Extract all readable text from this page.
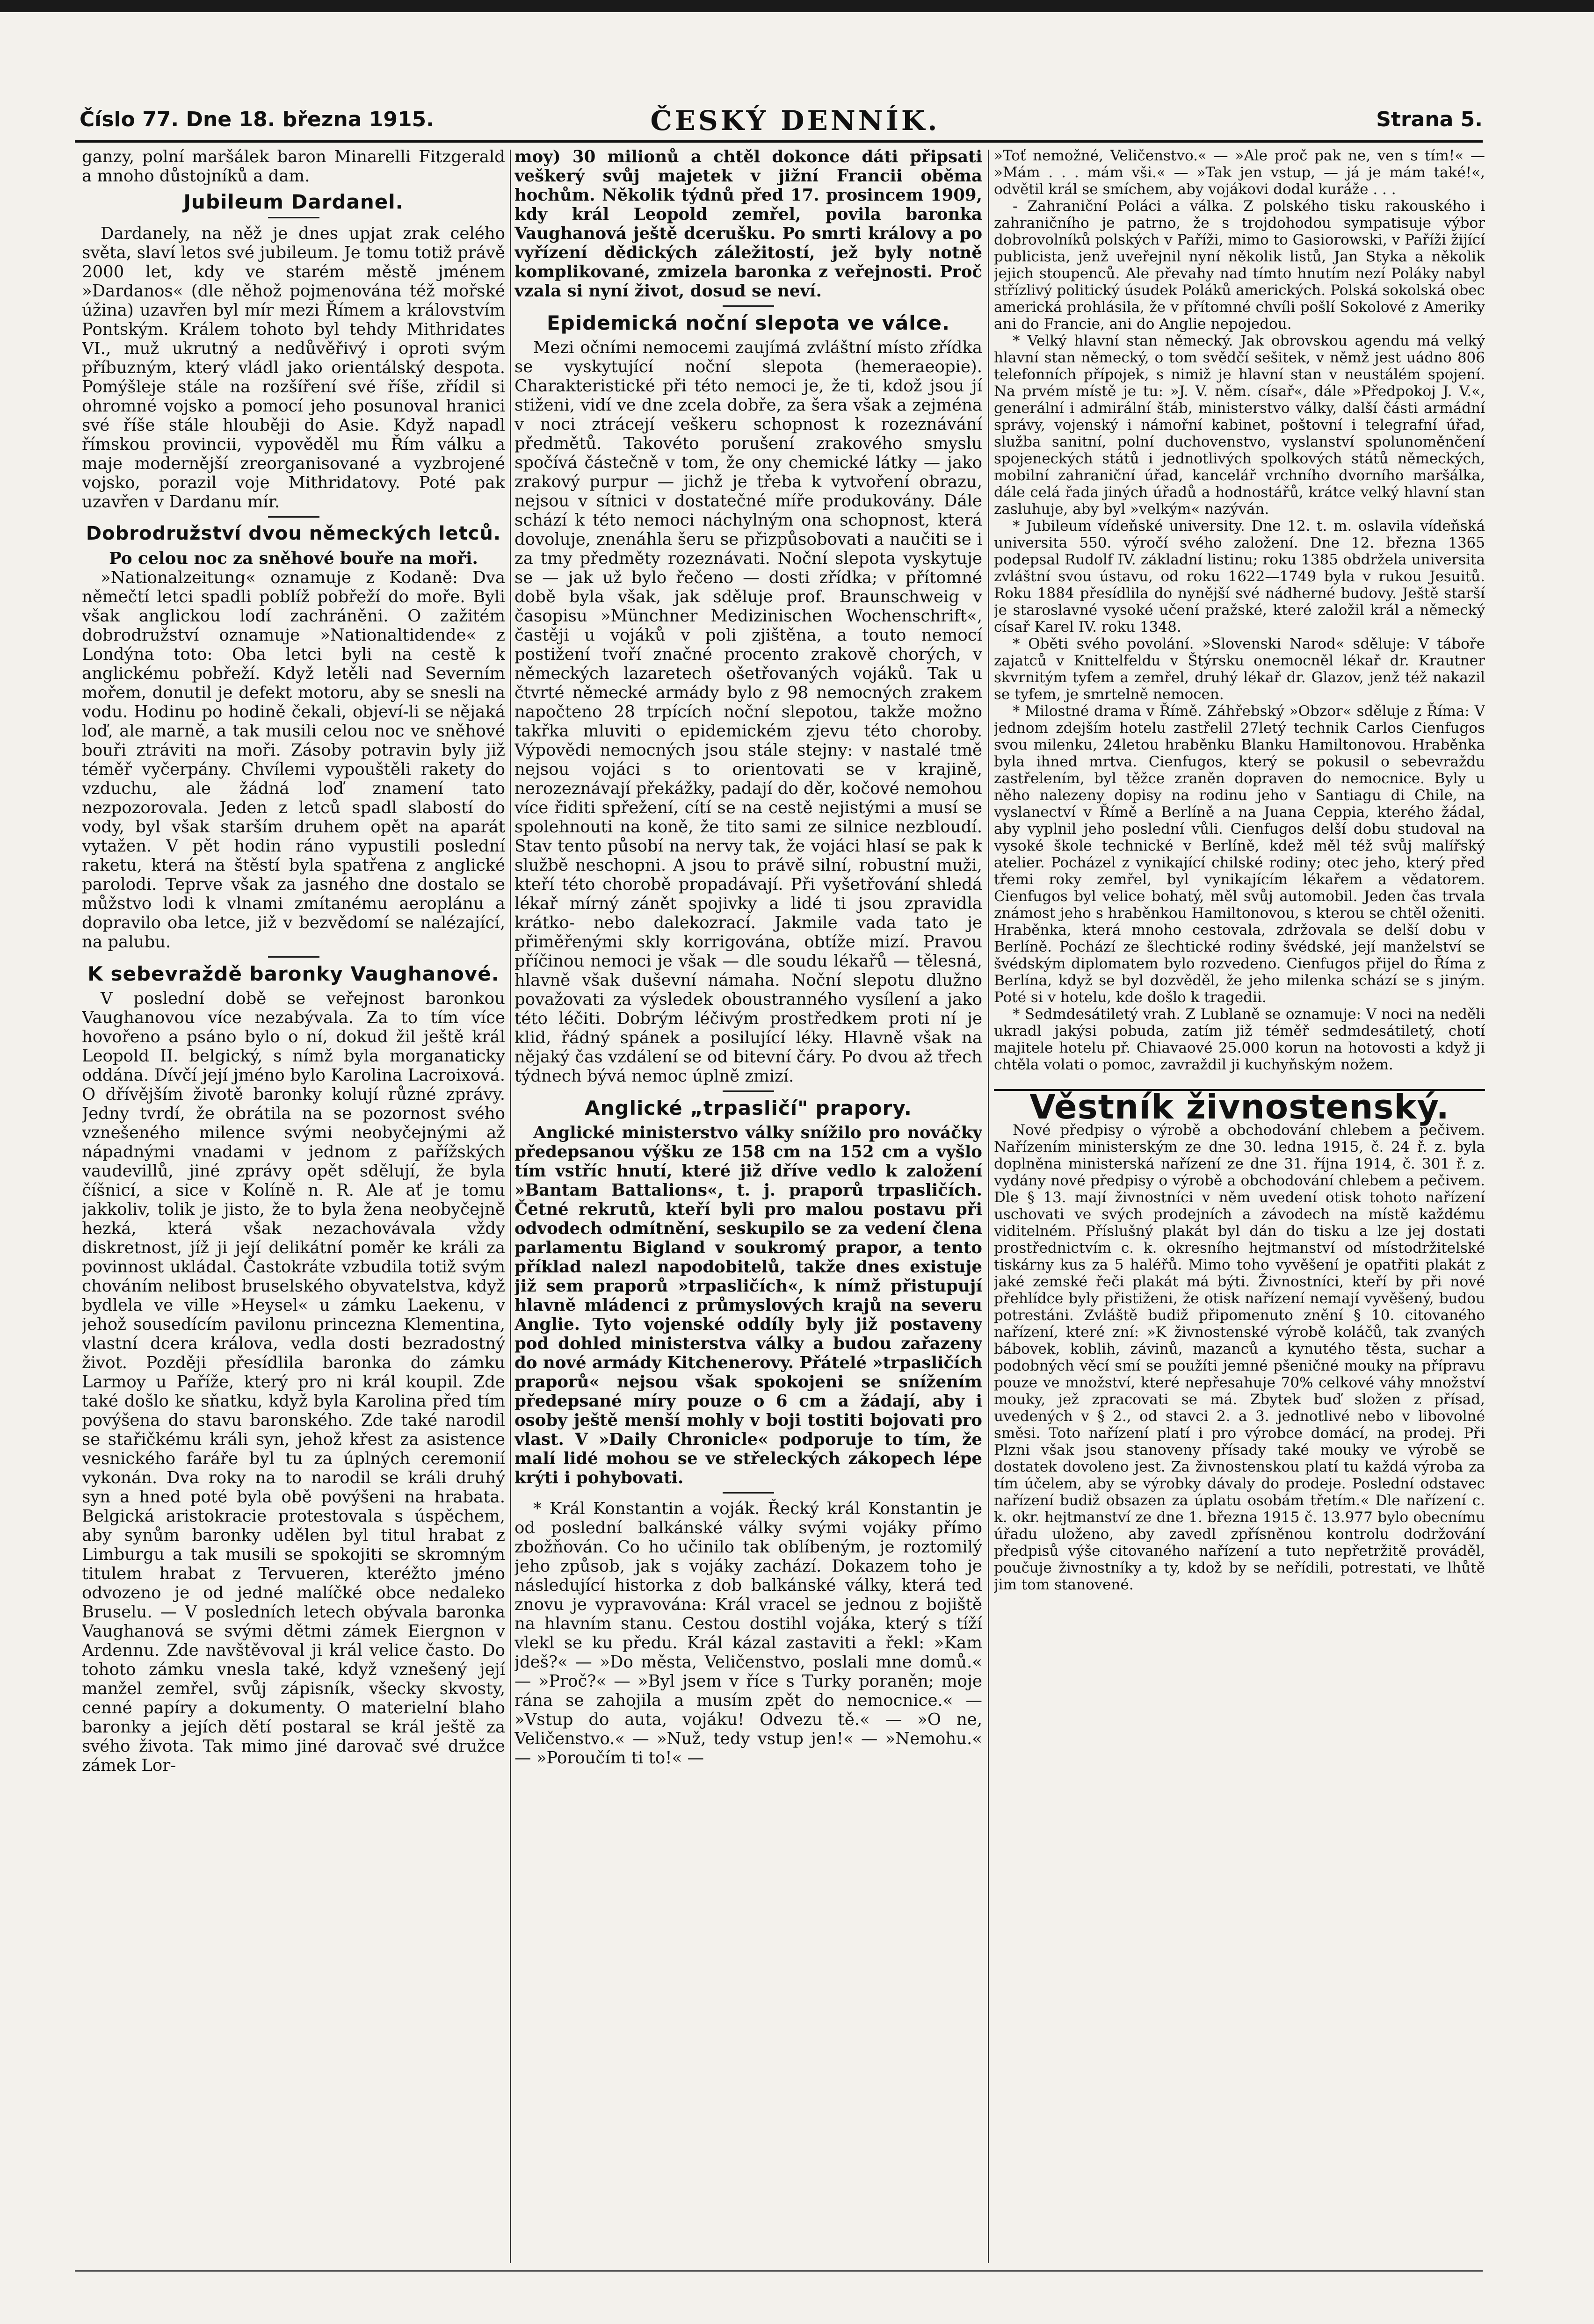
Číslo 77. Dne 18. března 1915.	ČESKÝ DENNÍK.	Strana 5.

ganzy, polní maršálek baron Minarelli Fitzgerald a mnoho důstojníků a dam.

Jubileum Dardanel.

Dardanely, na něž je dnes upjat zrak celého světa, slaví letos své jubileum. Je tomu totiž právě 2000 let, kdy ve starém městě jménem »Dardanos« (dle něhož pojmenována též mořské úžina) uzavřen byl mír mezi Římem a královstvím Pontským. Králem tohoto byl tehdy Mithridates VI., muž ukrutný a nedůvěřivý i oproti svým příbuzným, který vládl jako orientálský despota. Pomýšleje stále na rozšíření své říše, zřídil si ohromné vojsko a pomocí jeho posunoval hranici své říše stále hlouběji do Asie. Když napadl římskou provincii, vypověděl mu Řím válku a maje modernější zreorganisované a vyzbrojené vojsko, porazil voje Mithridatovy. Poté pak uzavřen v Dardanu mír.

Dobrodružství dvou německých letců.

Po celou noc za sněhové bouře na moři.

»Nationalzeitung« oznamuje z Kodaně: Dva němečtí letci spadli poblíž pobřeží do moře. Byli však anglickou lodí zachráněni. O zažitém dobrodružství oznamuje »Nationaltidende« z Londýna toto: Oba letci byli na cestě k anglickému pobřeží. Když letěli nad Severním mořem, donutil je defekt motoru, aby se snesli na vodu. Hodinu po hodině čekali, objeví-li se nějaká loď, ale marně, a tak musili celou noc ve sněhové bouři ztráviti na moři. Zásoby potravin byly již téměř vyčerpány. Chvílemi vypouštěli rakety do vzduchu, ale žádná loď znamení tato nezpozorovala. Jeden z letců spadl slabostí do vody, byl však starším druhem opět na aparát vytažen. V pět hodin ráno vypustili poslední raketu, která na štěstí byla spatřena z anglické parolodi. Teprve však za jasného dne dostalo se můžstvo lodi k vlnami zmítanému aeroplánu a dopravilo oba letce, již v bezvědomí se nalézající, na palubu.

K sebevraždě baronky Vaughanové.

V poslední době se veřejnost baronkou Vaughanovou více nezabývala. Za to tím více hovořeno a psáno bylo o ní, dokud žil ještě král Leopold II. belgický, s nímž byla morganaticky oddána. Dívčí její jméno bylo Karolina Lacroixová. O dřívějším životě baronky kolují různé zprávy. Jedny tvrdí, že obrátila na se pozornost svého vznešeného milence svými neobyčejnými až nápadnými vnadami v jednom z pařížských vaudevillů, jiné zprávy opět sdělují, že byla číšnicí, a sice v Kolíně n. R. Ale ať je tomu jakkoliv, tolik je jisto, že to byla žena neobyčejně hezká, která však nezachovávala vždy diskretnost, jíž ji její delikátní poměr ke králi za povinnost ukládal. Častokráte vzbudila totiž svým chováním nelibost bruselského obyvatelstva, když bydlela ve ville »Heysel« u zámku Laekenu, v jehož sousedícím pavilonu princezna Klementina, vlastní dcera králova, vedla dosti bezradostný život. Později přesídlila baronka do zámku Larmoy u Paříže, který pro ni král koupil. Zde také došlo ke sňatku, když byla Karolina před tím povýšena do stavu baronského. Zde také narodil se stařičkému králi syn, jehož křest za asistence vesnického faráře byl tu za úplných ceremonií vykonán. Dva roky na to narodil se králi druhý syn a hned poté byla obě povýšeni na hrabata. Belgická aristokracie protestovala s úspěchem, aby synům baronky udělen byl titul hrabat z Limburgu a tak musili se spokojiti se skromným titulem hrabat z Tervueren, kteréžto jméno odvozeno je od jedné malíčké obce nedaleko Bruselu. — V posledních letech obývala baronka Vaughanová se svými dětmi zámek Eiergnon v Ardennu. Zde navštěvoval ji král velice často. Do tohoto zámku vnesla také, když vznešený její manžel zemřel, svůj zápisník, všecky skvosty, cenné papíry a dokumenty. O materielní blaho baronky a jejích dětí postaral se král ještě za svého života. Tak mimo jiné darovač své družce zámek Lor-

moy) 30 milionů a chtěl dokonce dáti připsati veškerý svůj majetek v jižní Francii oběma hochům. Několik týdnů před 17. prosincem 1909, kdy král Leopold zemřel, povila baronka Vaughanová ještě dcerušku. Po smrti královy a po vyřízení dědických záležitostí, jež byly notně komplikované, zmizela baronka z veřejnosti. Proč vzala si nyní život, dosud se neví.

Epidemická noční slepota ve válce.

Mezi očními nemocemi zaujímá zvláštní místo zřídka se vyskytující noční slepota (hemeraeopie). Charakteristické při této nemoci je, že ti, kdož jsou jí stiženi, vidí ve dne zcela dobře, za šera však a zejména v noci ztrácejí veškeru schopnost k rozeznávání předmětů. Takovéto porušení zrakového smyslu spočívá částečně v tom, že ony chemické látky — jako zrakový purpur — jichž je třeba k vytvoření obrazu, nejsou v sítnici v dostatečné míře produkovány. Dále schází k této nemoci náchylným ona schopnost, která dovoluje, znenáhla šeru se přizpůsobovati a naučiti se i za tmy předměty rozeznávati. Noční slepota vyskytuje se — jak už bylo řečeno — dosti zřídka; v přítomné době byla však, jak sděluje prof. Braunschweig v časopisu »Münchner Medizinischen Wochenschrift«, častěji u vojáků v poli zjištěna, a touto nemocí postižení tvoří značné procento zrakově chorých, v německých lazaretech ošetřovaných vojáků. Tak u čtvrté německé armády bylo z 98 nemocných zrakem napočteno 28 trpících noční slepotou, takže možno takřka mluviti o epidemickém zjevu této choroby. Výpovědi nemocných jsou stále stejny: v nastalé tmě nejsou vojáci s to orientovati se v krajině, nerozeznávají překážky, padají do děr, kočové nemohou více řiditi spřežení, cítí se na cestě nejistými a musí se spolehnouti na koně, že tito sami ze silnice nezbloudí. Stav tento působí na nervy tak, že vojáci hlasí se pak k službě neschopni. A jsou to právě silní, robustní muži, kteří této chorobě propadávají. Při vyšetřování shledá lékař mírný zánět spojivky a lidé ti jsou zpravidla krátko- nebo dalekozrací. Jakmile vada tato je přiměřenými skly korrigována, obtíže mizí. Pravou příčinou nemoci je však — dle soudu lékařů — tělesná, hlavně však duševní námaha. Noční slepotu dlužno považovati za výsledek oboustranného vysílení a jako této léčiti. Dobrým léčivým prostředkem proti ní je klid, řádný spánek a posilující léky. Hlavně však na nějaký čas vzdálení se od bitevní čáry. Po dvou až třech týdnech bývá nemoc úplně zmizí.

Anglické „trpasličí" prapory.

Anglické ministerstvo války snížilo pro nováčky předepsanou výšku ze 158 cm na 152 cm a vyšlo tím vstříc hnutí, které již dříve vedlo k založení »Bantam Battalions«, t. j. praporů trpasličích. Četné rekrutů, kteří byli pro malou postavu při odvodech odmítnění, seskupilo se za vedení člena parlamentu Bigland v soukromý prapor, a tento příklad nalezl napodobitelů, takže dnes existuje již sem praporů »trpasličích«, k nímž přistupují hlavně mládenci z průmyslových krajů na severu Anglie. Tyto vojenské oddíly byly již postaveny pod dohled ministerstva války a budou zařazeny do nové armády Kitchenerovy. Přátelé »trpasličích praporů« nejsou však spokojeni se snížením předepsané míry pouze o 6 cm a žádají, aby i osoby ještě menší mohly v boji tostiti bojovati pro vlast. V »Daily Chronicle« podporuje to tím, že malí lidé mohou se ve střeleckých zákopech lépe krýti i pohybovati.

* Král Konstantin a voják. Řecký král Konstantin je od poslední balkánské války svými vojáky přímo zbožňován. Co ho učinilo tak oblíbeným, je roztomilý jeho způsob, jak s vojáky zachází. Dokazem toho je následující historka z dob balkánské války, která teď znovu je vypravována: Král vracel se jednou z bojiště na hlavním stanu. Cestou dostihl vojáka, který s tíží vlekl se ku předu. Král kázal zastaviti a řekl: »Kam jdeš?« — »Do města, Veličenstvo, poslali mne domů.« — »Proč?« — »Byl jsem v říce s Turky poraněn; moje rána se zahojila a musím zpět do nemocnice.« — »Vstup do auta, vojáku! Odvezu tě.« — »O ne, Veličenstvo.« — »Nuž, tedy vstup jen!« — »Nemohu.« — »Poroučím ti to!« —

»Toť nemožné, Veličenstvo.« — »Ale proč pak ne, ven s tím!« — »Mám . . . mám vši.« — »Tak jen vstup, — já je mám také!«, odvětil král se smíchem, aby vojákovi dodal kuráže . . .

- Zahraniční Poláci a válka. Z polského tisku rakouského i zahraničního je patrno, že s trojdohodou sympatisuje výbor dobrovolníků polských v Paříži, mimo to Gasiorowski, v Paříži žijící publicista, jenž uveřejnil nyní několik listů, Jan Styka a několik jejich stoupenců. Ale převahy nad tímto hnutím nezí Poláky nabyl střízlivý politický úsudek Poláků amerických. Polská sokolská obec americká prohlásila, že v přítomné chvíli pošlí Sokolové z Ameriky ani do Francie, ani do Anglie nepojedou.

* Velký hlavní stan německý. Jak obrovskou agendu má velký hlavní stan německý, o tom svědčí sešitek, v němž jest uádno 806 telefonních přípojek, s nimiž je hlavní stan v neustálém spojení. Na prvém místě je tu: »J. V. něm. císař«, dále »Předpokoj J. V.«, generální i admirální štáb, ministerstvo války, další části armádní správy, vojenský i námořní kabinet, poštovní i telegrafní úřad, služba sanitní, polní duchovenstvo, vyslanství spolunoměnčení spojeneckých států i jednotlivých spolkových států německých, mobilní zahraniční úřad, kancelář vrchního dvorního maršálka, dále celá řada jiných úřadů a hodnostářů, krátce velký hlavní stan zasluhuje, aby byl »velkým« nazýván.

* Jubileum vídeňské university. Dne 12. t. m. oslavila vídeňská universita 550. výročí svého založení. Dne 12. března 1365 podepsal Rudolf IV. základní listinu; roku 1385 obdržela universita zvláštní svou ústavu, od roku 1622—1749 byla v rukou Jesuitů. Roku 1884 přesídlila do nynější své nádherné budovy. Ještě starší je staroslavné vysoké učení pražské, které založil král a německý císař Karel IV. roku 1348.

* Oběti svého povolání. »Slovenski Narod« sděluje: V táboře zajatců v Knittelfeldu v Štýrsku onemocněl lékař dr. Krautner skvrnitým tyfem a zemřel, druhý lékař dr. Glazov, jenž též nakazil se tyfem, je smrtelně nemocen.

* Milostné drama v Římě. Záhřebský »Obzor« sděluje z Říma: V jednom zdejším hotelu zastřelil 27letý technik Carlos Cienfugos svou milenku, 24letou hraběnku Blanku Hamiltonovou. Hraběnka byla ihned mrtva. Cienfugos, který se pokusil o sebevraždu zastřelením, byl těžce zraněn dopraven do nemocnice. Byly u něho nalezeny dopisy na rodinu jeho v Santiagu di Chile, na vyslanectví v Římě a Berlíně a na Juana Ceppia, kterého žádal, aby vyplnil jeho poslední vůli. Cienfugos delší dobu studoval na vysoké škole technické v Berlíně, kdež měl též svůj malířský atelier. Pocházel z vynikající chilské rodiny; otec jeho, který před třemi roky zemřel, byl vynikajícím lékařem a vědatorem. Cienfugos byl velice bohatý, měl svůj automobil. Jeden čas trvala známost jeho s hraběnkou Hamiltonovou, s kterou se chtěl oženiti. Hraběnka, která mnoho cestovala, zdržovala se delší dobu v Berlíně. Pochází ze šlechtické rodiny švédské, její manželství se švédským diplomatem bylo rozvedeno. Cienfugos přijel do Říma z Berlína, když se byl dozvěděl, že jeho milenka schází se s jiným. Poté si v hotelu, kde došlo k tragedii.

* Sedmdesátiletý vrah. Z Lublaně se oznamuje: V noci na neděli ukradl jakýsi pobuda, zatím již téměř sedmdesátiletý, chotí majitele hotelu př. Chiavaové 25.000 korun na hotovosti a když ji chtěla volati o pomoc, zavraždil ji kuchyňským nožem.

Věstník živnostenský.

Nové předpisy o výrobě a obchodování chlebem a pečivem. Nařízením ministerským ze dne 30. ledna 1915, č. 24 ř. z. byla doplněna ministerská nařízení ze dne 31. října 1914, č. 301 ř. z. vydány nové předpisy o výrobě a obchodování chlebem a pečivem. Dle § 13. mají živnostníci v něm uvedení otisk tohoto nařízení uschovati ve svých prodejních a závodech na místě každému viditelném. Příslušný plakát byl dán do tisku a lze jej dostati prostřednictvím c. k. okresního hejtmanství od místodržitelské tiskárny kus za 5 haléřů. Mimo toho vyvěšení je opatřiti plakát z jaké zemské řeči plakát má býti. Živnostníci, kteří by při nové přehlídce byly přistiženi, že otisk nařízení nemají vyvěšený, budou potrestáni. Zvláště budiž připomenuto znění § 10. citovaného nařízení, které zní: »K živnostenské výrobě koláčů, tak zvaných bábovek, koblih, závinů, mazanců a kynutého těsta, suchar a podobných věcí smí se použíti jemné pšeničné mouky na přípravu pouze ve množství, které nepřesahuje 70% celkové váhy množství mouky, jež zpracovati se má. Zbytek buď složen z přísad, uvedených v § 2., od stavci 2. a 3. jednotlivé nebo v libovolné směsi. Toto nařízení platí i pro výrobce domácí, na prodej. Při Plzni však jsou stanoveny přísady také mouky ve výrobě se dostatek dovoleno jest. Za živnostenskou platí tu každá výroba za tím účelem, aby se výrobky dávaly do prodeje. Poslední odstavec nařízení budiž obsazen za úplatu osobám třetím.« Dle nařízení c. k. okr. hejtmanství ze dne 1. března 1915 č. 13.977 bylo obecnímu úřadu uloženo, aby zavedl zpřísněnou kontrolu dodržování předpisů výše citovaného nařízení a tuto nepřetržitě prováděl, poučuje živnostníky a ty, kdož by se neřídili, potrestati, ve lhůtě jim tom stanovené.
